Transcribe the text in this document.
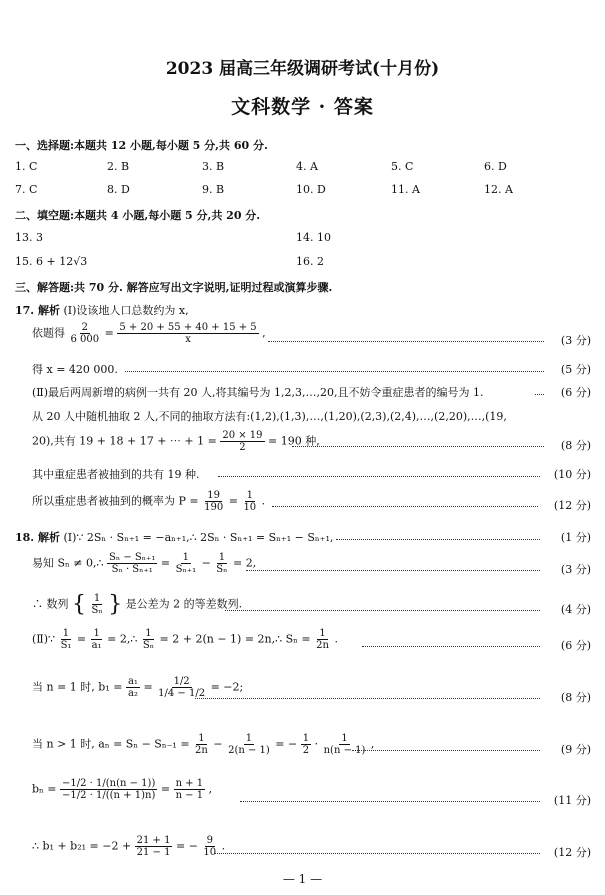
2023 届高三年级调研考试(十月份)
文科数学 · 答案
一、选择题:本题共 12 小题,每小题 5 分,共 60 分.
1. C	2. B	3. B	4. A	5. C	6. D
7. C	8. D	9. B	10. D	11. A	12. A
二、填空题:本题共 4 小题,每小题 5 分,共 20 分.
13. 3	14. 10
15. 6 + 12√3	16. 2
三、解答题:共 70 分. 解答应写出文字说明,证明过程或演算步骤.
17. 解析 (Ⅰ)设该地人口总数约为 x,
依题得 $\frac{2}{6 000} = \frac{5 + 20 + 55 + 40 + 15 + 5}{x}$ ,
(3 分)
得 x = 420 000.	(5 分)
(Ⅱ)最后两周新增的病例一共有 20 人,将其编号为 1,2,3,…,20,且不妨令重症患者的编号为 1.	(6 分)
从 20 人中随机抽取 2 人,不同的抽取方法有:(1,2),(1,3),…,(1,20),(2,3),(2,4),…,(2,20),…,(19,
20),共有 19 + 18 + 17 + ⋯ + $1 = \frac{20 \times 19}{2} = 190$ 种,	(8 分)
其中重症患者被抽到的共有 19 种.	(10 分)
所以重症患者被抽到的概率为 $P = \frac{19}{190} = \frac{1}{10}$ .	(12 分)
18. 解析 (Ⅰ)∵ 2Sₙ · Sₙ₊₁ = −aₙ₊₁,∴ 2Sₙ · Sₙ₊₁ = Sₙ₊₁ − Sₙ₊₁,	(1 分)
易知 Sₙ ≠ 0,∴ $\frac{\text{Sₙ − Sₙ₊₁}}{\text{Sₙ · Sₙ₊₁}} = \frac{1}{\text{Sₙ₊₁}} - \frac{1}{\text{Sₙ}} = 2$,	(3 分)
∴ 数列 { $\frac{1}{\text{Sₙ}}$ } 是公差为 2 的等差数列.	(4 分)
(Ⅱ)∵ $\frac{1}{\text{S₁}} = \frac{1}{\text{a₁}}$ = 2,∴ $\frac{1}{\text{Sₙ}} = 2 + 2(n - 1)$ = 2n,∴ $S_n = \frac{1}{2n}$ .	(6 分)
当 n = 1 时, $b_1 = \frac{\text{a₁}}{\text{a₂}} = \frac{1/2}{1/4 - 1/2} = -2$;
(8 分)
当 n > 1 时, $a_n = S_n - S_{n-1} = \frac{1}{2n} - \frac{1}{2(n - 1)}$ = − $\frac{1}{2} \cdot \frac{1}{n(n - 1)}$ ,	(9 分)
$b_n = \frac{-1/2 \cdot 1/(n(n - 1))}{-1/2 \cdot 1/((n + 1)n)} = \frac{n + 1}{n - 1}$ ,
(11 分)
∴ $b_1 + b_{21} = -2 + \frac{21 + 1}{21 - 1}$ = − $\frac{9}{10}$ .	(12 分)
— 1 —
